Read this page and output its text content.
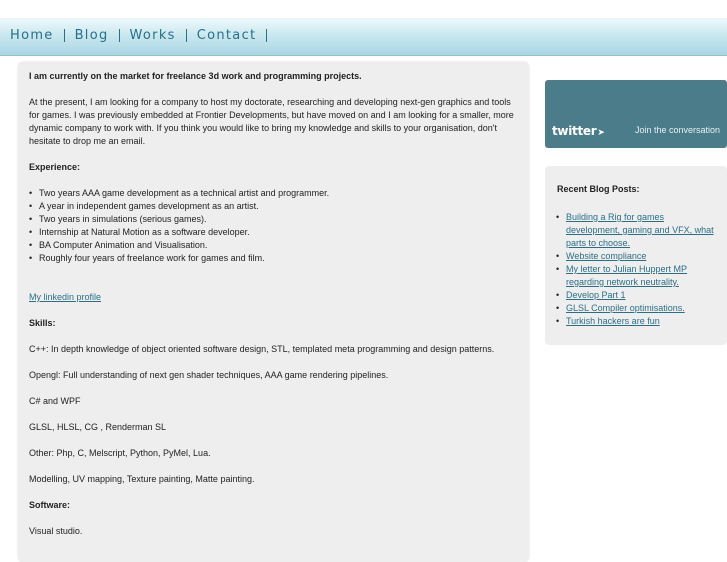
Home Blog Works Contact

I am currently on the market for freelance 3d work and programming projects.

At the present, I am looking for a company to host my doctorate, researching and developing next-gen graphics and tools for games. I was previously embedded at Frontier Developments, but have moved on and I am looking for a smaller, more dynamic company to work with. If you think you would like to bring my knowledge and skills to your organisation, don't hesitate to drop me an email.

Experience:

• Two years AAA game development as a technical artist and programmer.
• A year in independent games development as an artist.
• Two years in simulations (serious games).
• Internship at Natural Motion as a software developer.
• BA Computer Animation and Visualisation.
• Roughly four years of freelance work for games and film.

My linkedin profile

Skills:

C++: In depth knowledge of object oriented software design, STL, templated meta programming and design patterns.

Opengl: Full understanding of next gen shader techniques, AAA game rendering pipelines.

C# and WPF

GLSL, HLSL, CG , Renderman SL

Other: Php, C, Melscript, Python, PyMel, Lua.

Modelling, UV mapping, Texture painting, Matte painting.

Software:

Visual studio.

twitter➤	Join the conversation
Recent Blog Posts:
• Building a Rig for games development, gaming and VFX, what parts to choose.
• Website compliance
• My letter to Julian Huppert MP regarding network neutrality.
• Develop Part 1
• GLSL Compiler optimisations.
• Turkish hackers are fun
